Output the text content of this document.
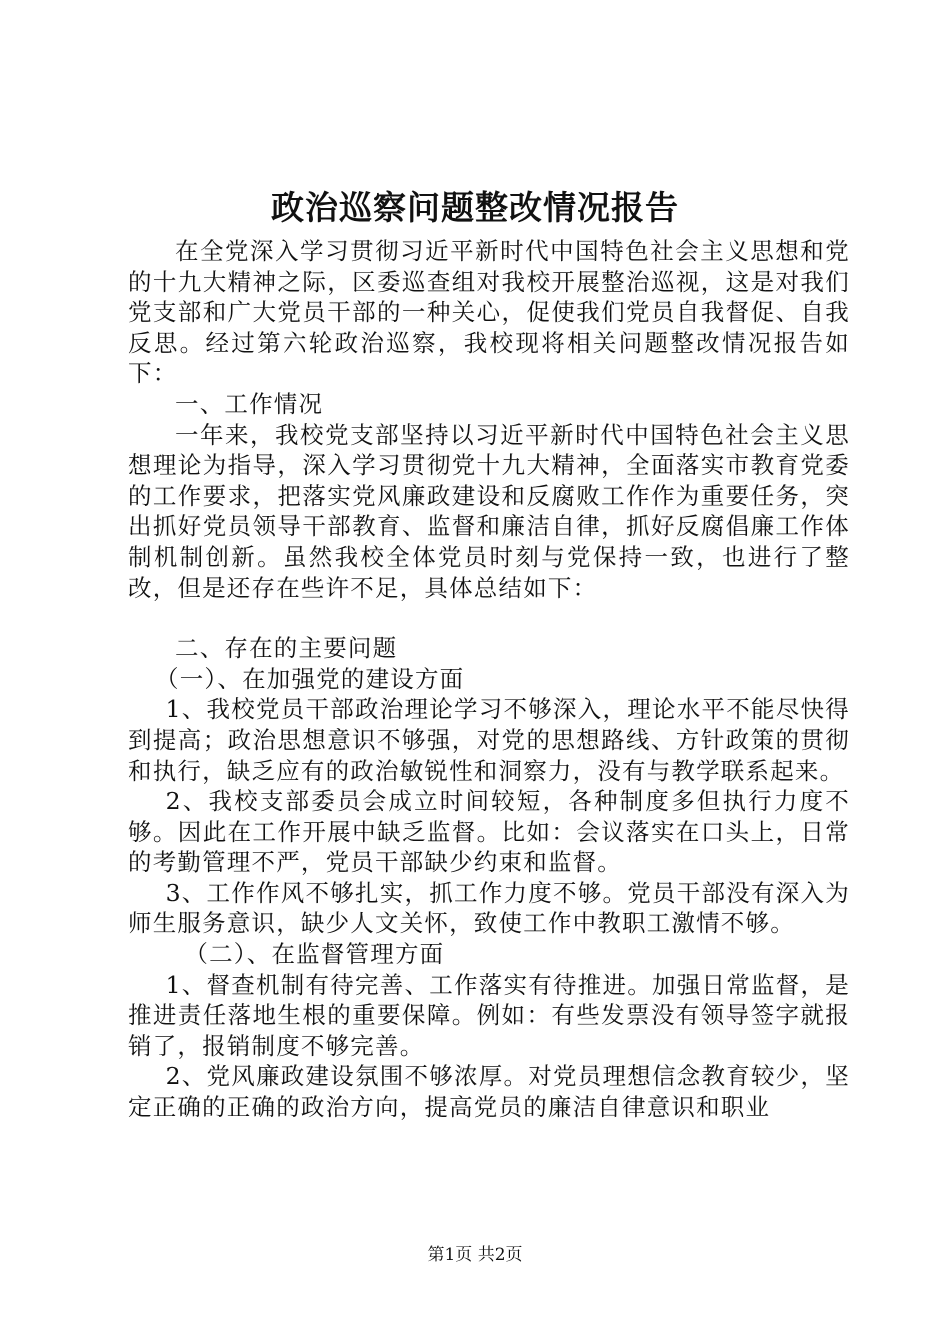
政治巡察问题整改情况报告

在全党深入学习贯彻习近平新时代中国特色社会主义思想和党的十九大精神之际，区委巡查组对我校开展整治巡视，这是对我们党支部和广大党员干部的一种关心，促使我们党员自我督促、自我反思。经过第六轮政治巡察，我校现将相关问题整改情况报告如下：

一、工作情况

一年来，我校党支部坚持以习近平新时代中国特色社会主义思想理论为指导，深入学习贯彻党十九大精神，全面落实市教育党委的工作要求，把落实党风廉政建设和反腐败工作作为重要任务，突出抓好党员领导干部教育、监督和廉洁自律，抓好反腐倡廉工作体制机制创新。虽然我校全体党员时刻与党保持一致，也进行了整改，但是还存在些许不足，具体总结如下：

二、存在的主要问题

（一）、在加强党的建设方面

1、我校党员干部政治理论学习不够深入，理论水平不能尽快得到提高；政治思想意识不够强，对党的思想路线、方针政策的贯彻和执行，缺乏应有的政治敏锐性和洞察力，没有与教学联系起来。

2、我校支部委员会成立时间较短，各种制度多但执行力度不够。因此在工作开展中缺乏监督。比如：会议落实在口头上，日常的考勤管理不严，党员干部缺少约束和监督。

3、工作作风不够扎实，抓工作力度不够。党员干部没有深入为师生服务意识，缺少人文关怀，致使工作中教职工激情不够。

（二）、在监督管理方面

1、督查机制有待完善、工作落实有待推进。加强日常监督，是推进责任落地生根的重要保障。例如：有些发票没有领导签字就报销了，报销制度不够完善。

2、党风廉政建设氛围不够浓厚。对党员理想信念教育较少，坚定正确的正确的政治方向，提高党员的廉洁自律意识和职业

第1页 共2页
